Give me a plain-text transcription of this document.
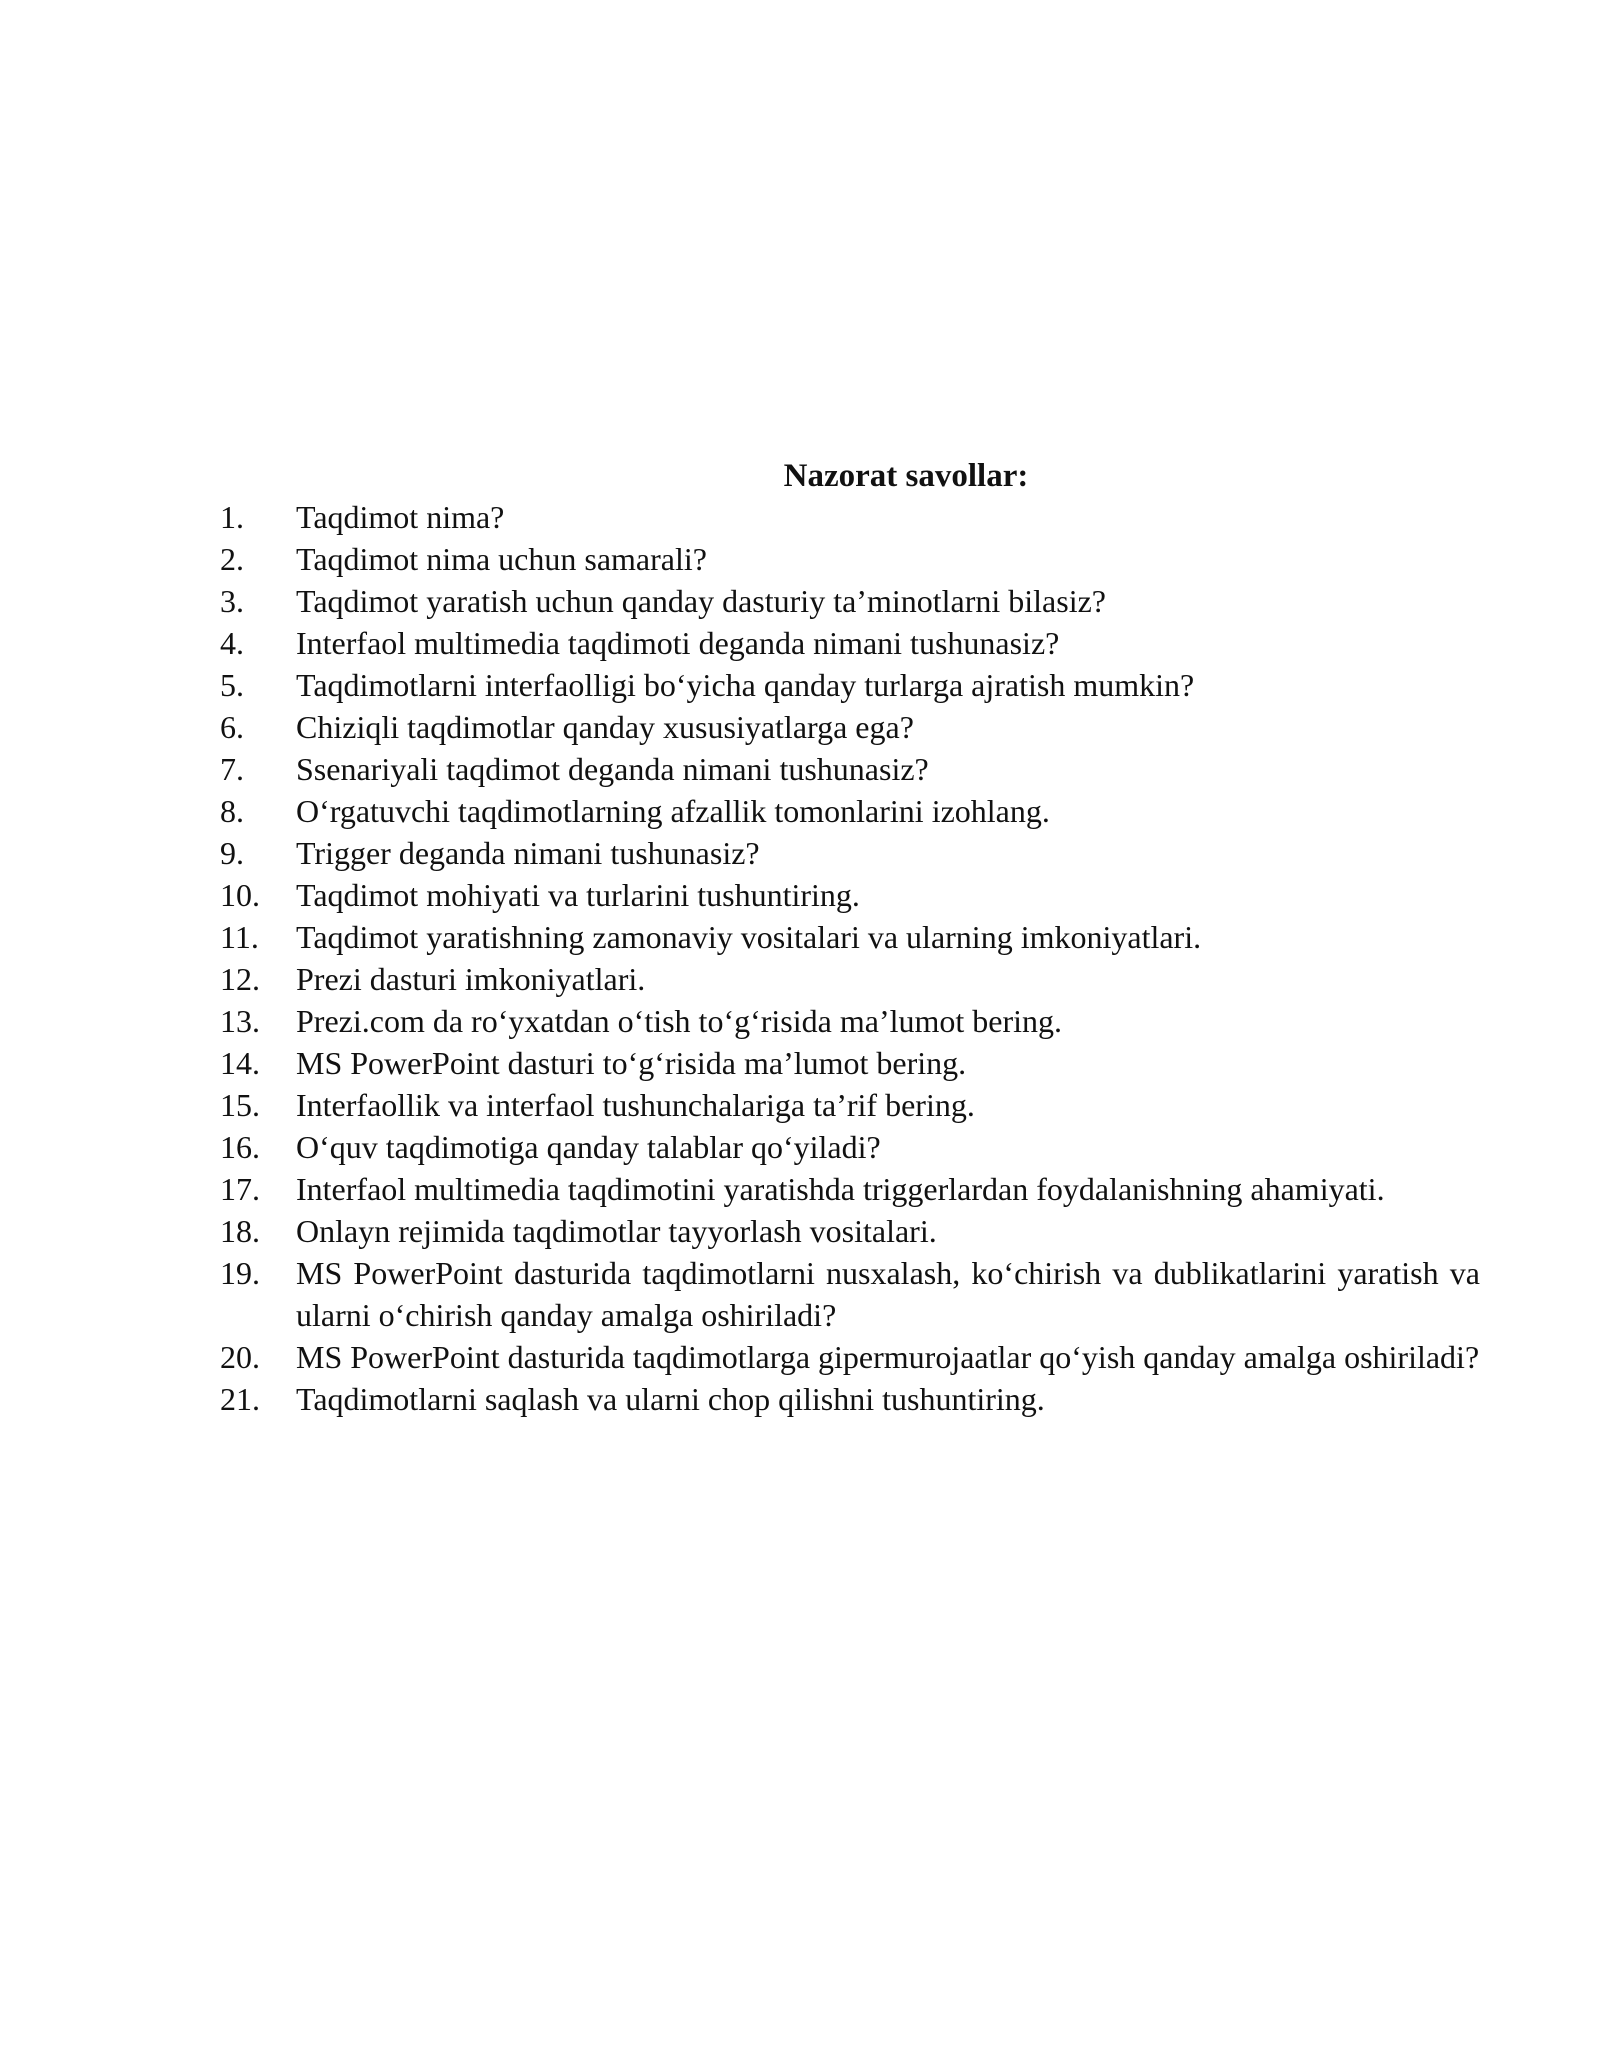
Nazorat savollar:
1.	Taqdimot nima?
2.	Taqdimot nima uchun samarali?
3.	Taqdimot yaratish uchun qanday dasturiy ta’minotlarni bilasiz?
4.	Interfaol multimedia taqdimoti deganda nimani tushunasiz?
5.	Taqdimotlarni interfaolligi bo‘yicha qanday turlarga ajratish mumkin?
6.	Chiziqli taqdimotlar qanday xususiyatlarga ega?
7.	Ssenariyali taqdimot deganda nimani tushunasiz?
8.	O‘rgatuvchi taqdimotlarning afzallik tomonlarini izohlang.
9.	Trigger deganda nimani tushunasiz?
10.	Taqdimot mohiyati va turlarini tushuntiring.
11.	Taqdimot yaratishning zamonaviy vositalari va ularning imkoniyatlari.
12.	Prezi dasturi imkoniyatlari.
13.	Prezi.com da ro‘yxatdan o‘tish to‘g‘risida ma’lumot bering.
14.	MS PowerPoint dasturi to‘g‘risida ma’lumot bering.
15.	Interfaollik va interfaol tushunchalariga ta’rif bering.
16.	O‘quv taqdimotiga qanday talablar qo‘yiladi?
17.	Interfaol multimedia taqdimotini yaratishda triggerlardan foydalanishning ahamiyati.
18.	Onlayn rejimida taqdimotlar tayyorlash vositalari.
19.	MS PowerPoint dasturida taqdimotlarni nusxalash, ko‘chirish va dublikatlarini yaratish va ularni o‘chirish qanday amalga oshiriladi?
20.	MS PowerPoint dasturida taqdimotlarga gipermurojaatlar qo‘yish qanday amalga oshiriladi?
21.	Taqdimotlarni saqlash va ularni chop qilishni tushuntiring.
